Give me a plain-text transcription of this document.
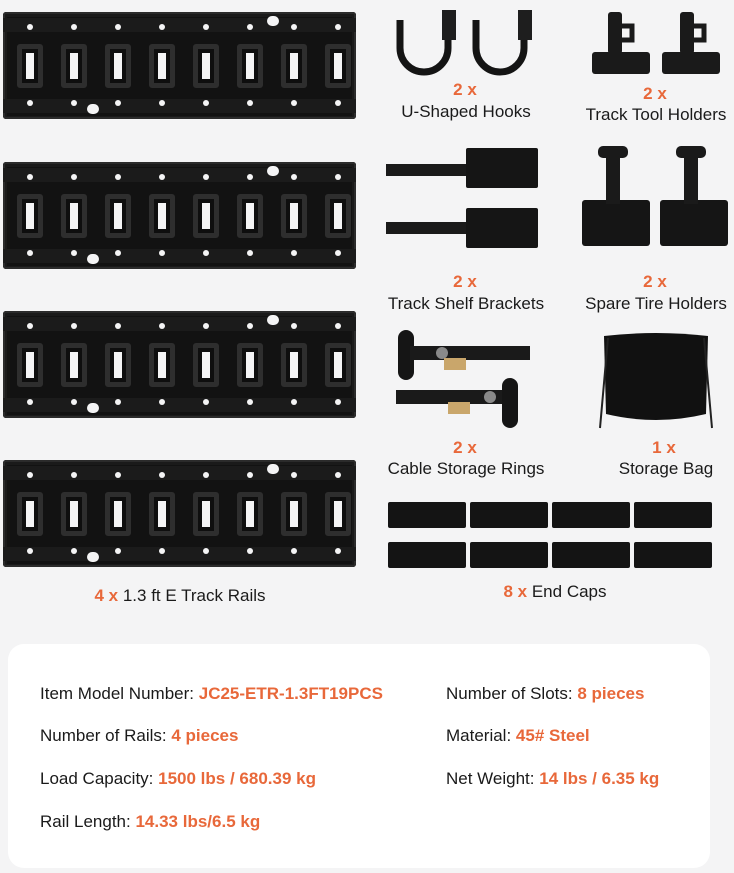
4 x 1.3 ft E Track Rails
2 x
U-Shaped Hooks
2 x
Track Tool Holders
2 x
Track Shelf Brackets
2 x
Spare Tire Holders
2 x
Cable Storage Rings
1 x
Storage Bag
8 x End Caps
Item Model Number: JC25-ETR-1.3FT19PCS	Number of Slots: 8 pieces
Number of Rails: 4 pieces	Material: 45# Steel
Load Capacity: 1500 lbs / 680.39 kg	Net Weight: 14 lbs / 6.35 kg
Rail Length: 14.33 lbs/6.5 kg
